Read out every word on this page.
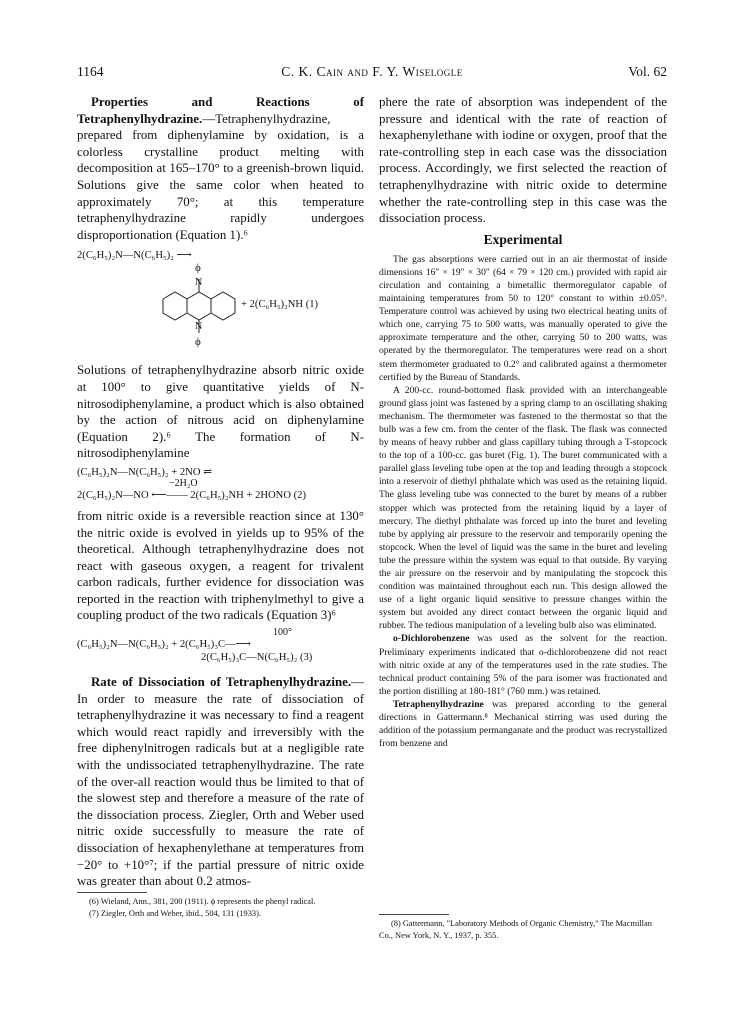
1164	C. K. Cain and F. Y. Wiselogle	Vol. 62

Properties and Reactions of Tetraphenylhydrazine.—Tetraphenylhydrazine, prepared from diphenylamine by oxidation, is a colorless crystalline product melting with decomposition at 165–170° to a greenish-brown liquid. Solutions give the same color when heated to approximately 70°; at this temperature tetraphenylhydrazine rapidly undergoes disproportionation (Equation 1).⁶

2(C₆H₅)₂N—N(C₆H₅)₂ ⟶
ϕ
N
N
ϕ
+ 2(C₆H₅)₂NH (1)

Solutions of tetraphenylhydrazine absorb nitric oxide at 100° to give quantitative yields of N-nitrosodiphenylamine, a product which is also obtained by the action of nitrous acid on diphenylamine (Equation 2).⁶ The formation of N-nitrosodiphenylamine

(C₆H₅)₂N—N(C₆H₅)₂ + 2NO ⇌
−2H₂O
2(C₆H₅)₂N—NO ⟵—— 2(C₆H₅)₂NH + 2HONO (2)

from nitric oxide is a reversible reaction since at 130° the nitric oxide is evolved in yields up to 95% of the theoretical. Although tetraphenylhydrazine does not react with gaseous oxygen, a reagent for trivalent carbon radicals, further evidence for dissociation was reported in the reaction with triphenylmethyl to give a coupling product of the two radicals (Equation 3)⁶

100°
(C₆H₅)₂N—N(C₆H₅)₂ + 2(C₆H₅)₃C—⟶
2(C₆H₅)₃C—N(C₆H₅)₂ (3)

Rate of Dissociation of Tetraphenylhydrazine.—In order to measure the rate of dissociation of tetraphenylhydrazine it was necessary to find a reagent which would react rapidly and irreversibly with the free diphenylnitrogen radicals but at a negligible rate with the undissociated tetraphenylhydrazine. The rate of the over-all reaction would thus be limited to that of the slowest step and therefore a measure of the rate of the dissociation process. Ziegler, Orth and Weber used nitric oxide successfully to measure the rate of dissociation of hexaphenylethane at temperatures from −20° to +10°⁷; if the partial pressure of nitric oxide was greater than about 0.2 atmos-

(6) Wieland, Ann., 381, 200 (1911). ϕ represents the phenyl radical.

(7) Ziegler, Orth and Weber, ibid., 504, 131 (1933).

phere the rate of absorption was independent of the pressure and identical with the rate of reaction of hexaphenylethane with iodine or oxygen, proof that the rate-controlling step in each case was the dissociation process. Accordingly, we first selected the reaction of tetraphenylhydrazine with nitric oxide to determine whether the rate-controlling step in this case was the dissociation process.

Experimental

The gas absorptions were carried out in an air thermostat of inside dimensions 16″ × 19″ × 30″ (64 × 79 × 120 cm.) provided with rapid air circulation and containing a bimetallic thermoregulator capable of maintaining temperatures from 50 to 120° constant to within ±0.05°. Temperature control was achieved by using two electrical heating units of which one, carrying 75 to 500 watts, was manually operated to give the approximate temperature and the other, carrying 50 to 200 watts, was operated by the thermoregulator. The temperatures were read on a short stem thermometer graduated to 0.2° and calibrated against a thermometer certified by the Bureau of Standards.

A 200-cc. round-bottomed flask provided with an interchangeable ground glass joint was fastened by a spring clamp to an oscillating shaking mechanism. The thermometer was fastened to the thermostat so that the bulb was a few cm. from the center of the flask. The flask was connected by means of heavy rubber and glass capillary tubing through a T-stopcock to the top of a 100-cc. gas buret (Fig. 1). The buret communicated with a parallel glass leveling tube open at the top and leading through a stopcock into a reservoir of diethyl phthalate which was used as the retaining liquid. The glass leveling tube was connected to the buret by means of a rubber stopper which was protected from the retaining liquid by a layer of mercury. The diethyl phthalate was forced up into the buret and leveling tube by applying air pressure to the reservoir and temporarily opening the stopcock. When the level of liquid was the same in the buret and leveling tube the pressure within the system was equal to that outside. By varying the air pressure on the reservoir and by manipulating the stopcock this condition was maintained throughout each run. This design allowed the use of a light organic liquid sensitive to pressure changes within the system but avoided any direct contact between the organic liquid and rubber. The tedious manipulation of a leveling bulb also was eliminated.

o-Dichlorobenzene was used as the solvent for the reaction. Preliminary experiments indicated that o-dichlorobenzene did not react with nitric oxide at any of the temperatures used in the rate studies. The technical product containing 5% of the para isomer was fractionated and the portion distilling at 180-181° (760 mm.) was retained.

Tetraphenylhydrazine was prepared according to the general directions in Gattermann.⁸ Mechanical stirring was used during the addition of the potassium permanganate and the product was recrystallized from benzene and

(8) Gattermann, "Laboratory Methods of Organic Chemistry," The Macmillan Co., New York, N. Y., 1937, p. 355.
